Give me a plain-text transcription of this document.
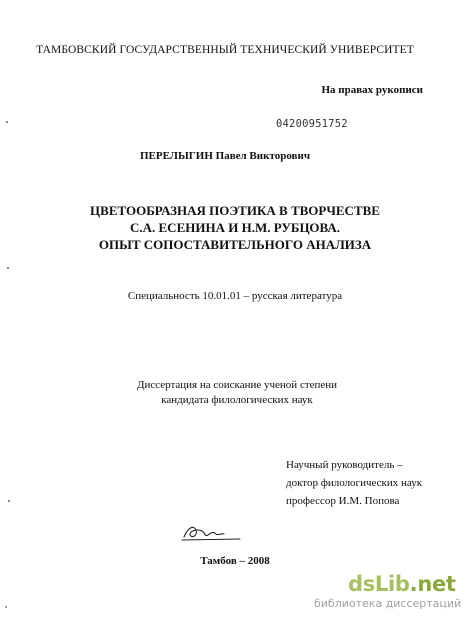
ТАМБОВСКИЙ ГОСУДАРСТВЕННЫЙ ТЕХНИЧЕСКИЙ УНИВЕРСИТЕТ
На правах рукописи
04200951752
ПЕРЕЛЫГИН Павел Викторович
ЦВЕТООБРАЗНАЯ ПОЭТИКА В ТВОРЧЕСТВЕ
С.А. ЕСЕНИНА И Н.М. РУБЦОВА.
ОПЫТ СОПОСТАВИТЕЛЬНОГО АНАЛИЗА
Специальность 10.01.01 – русская литература
Диссертация на соискание ученой степени
кандидата филологических наук
Научный руководитель –
доктор филологических наук
профессор И.М. Попова
Тамбов – 2008
dsLib.net
библиотека диссертаций
